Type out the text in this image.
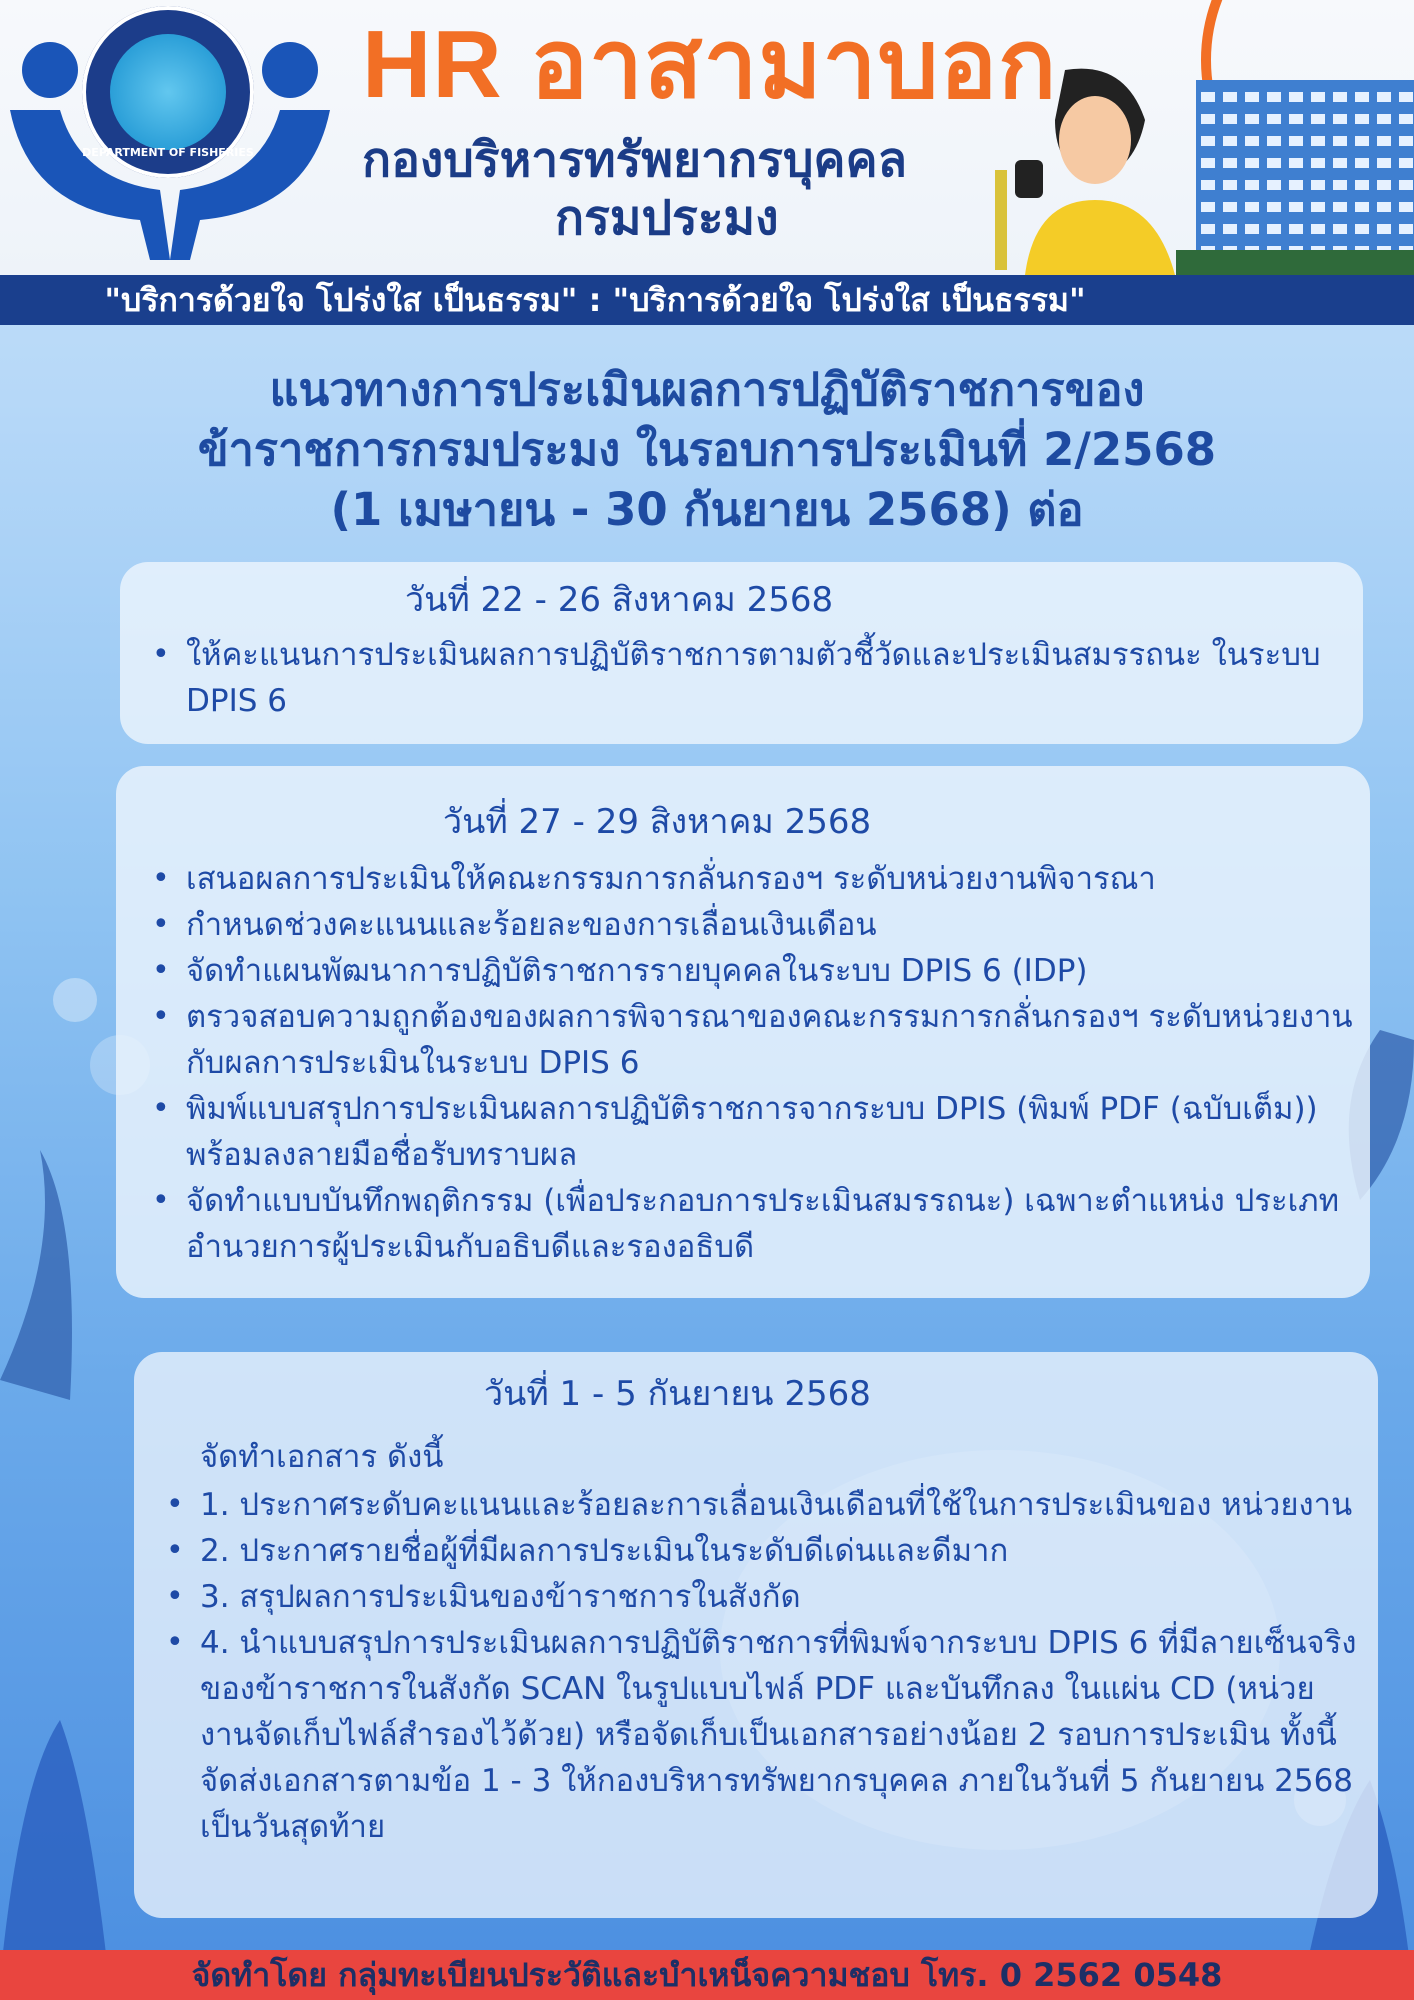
DEPARTMENT OF FISHERIES
HR อาสามาบอก
กองบริหารทรัพยากรบุคคล
กรมประมง
"บริการด้วยใจ โปร่งใส เป็นธรรม" : "บริการด้วยใจ โปร่งใส เป็นธรรม"
แนวทางการประเมินผลการปฏิบัติราชการของ
ข้าราชการกรมประมง ในรอบการประเมินที่ 2/2568
(1 เมษายน - 30 กันยายน 2568) ต่อ
วันที่ 22 - 26 สิงหาคม 2568
• ให้คะแนนการประเมินผลการปฏิบัติราชการตามตัวชี้วัดและประเมินสมรรถนะ ในระบบ DPIS 6
วันที่ 27 - 29 สิงหาคม 2568
• เสนอผลการประเมินให้คณะกรรมการกลั่นกรองฯ ระดับหน่วยงานพิจารณา
• กำหนดช่วงคะแนนและร้อยละของการเลื่อนเงินเดือน
• จัดทำแผนพัฒนาการปฏิบัติราชการรายบุคคลในระบบ DPIS 6 (IDP)
• ตรวจสอบความถูกต้องของผลการพิจารณาของคณะกรรมการกลั่นกรองฯ ระดับหน่วยงานกับผลการประเมินในระบบ DPIS 6
• พิมพ์แบบสรุปการประเมินผลการปฏิบัติราชการจากระบบ DPIS (พิมพ์ PDF (ฉบับเต็ม)) พร้อมลงลายมือชื่อรับทราบผล
• จัดทำแบบบันทึกพฤติกรรม (เพื่อประกอบการประเมินสมรรถนะ) เฉพาะตำแหน่ง ประเภทอำนวยการผู้ประเมินกับอธิบดีและรองอธิบดี
วันที่ 1 - 5 กันยายน 2568
จัดทำเอกสาร ดังนี้
• 1. ประกาศระดับคะแนนและร้อยละการเลื่อนเงินเดือนที่ใช้ในการประเมินของ หน่วยงาน
• 2. ประกาศรายชื่อผู้ที่มีผลการประเมินในระดับดีเด่นและดีมาก
• 3. สรุปผลการประเมินของข้าราชการในสังกัด
• 4. นำแบบสรุปการประเมินผลการปฏิบัติราชการที่พิมพ์จากระบบ DPIS 6 ที่มีลายเซ็นจริงของข้าราชการในสังกัด SCAN ในรูปแบบไฟล์ PDF และบันทึกลง ในแผ่น CD (หน่วยงานจัดเก็บไฟล์สำรองไว้ด้วย) หรือจัดเก็บเป็นเอกสารอย่างน้อย 2 รอบการประเมิน ทั้งนี้ จัดส่งเอกสารตามข้อ 1 - 3 ให้กองบริหารทรัพยากรบุคคล ภายในวันที่ 5 กันยายน 2568 เป็นวันสุดท้าย
จัดทำโดย กลุ่มทะเบียนประวัติและบำเหน็จความชอบ โทร. 0 2562 0548
